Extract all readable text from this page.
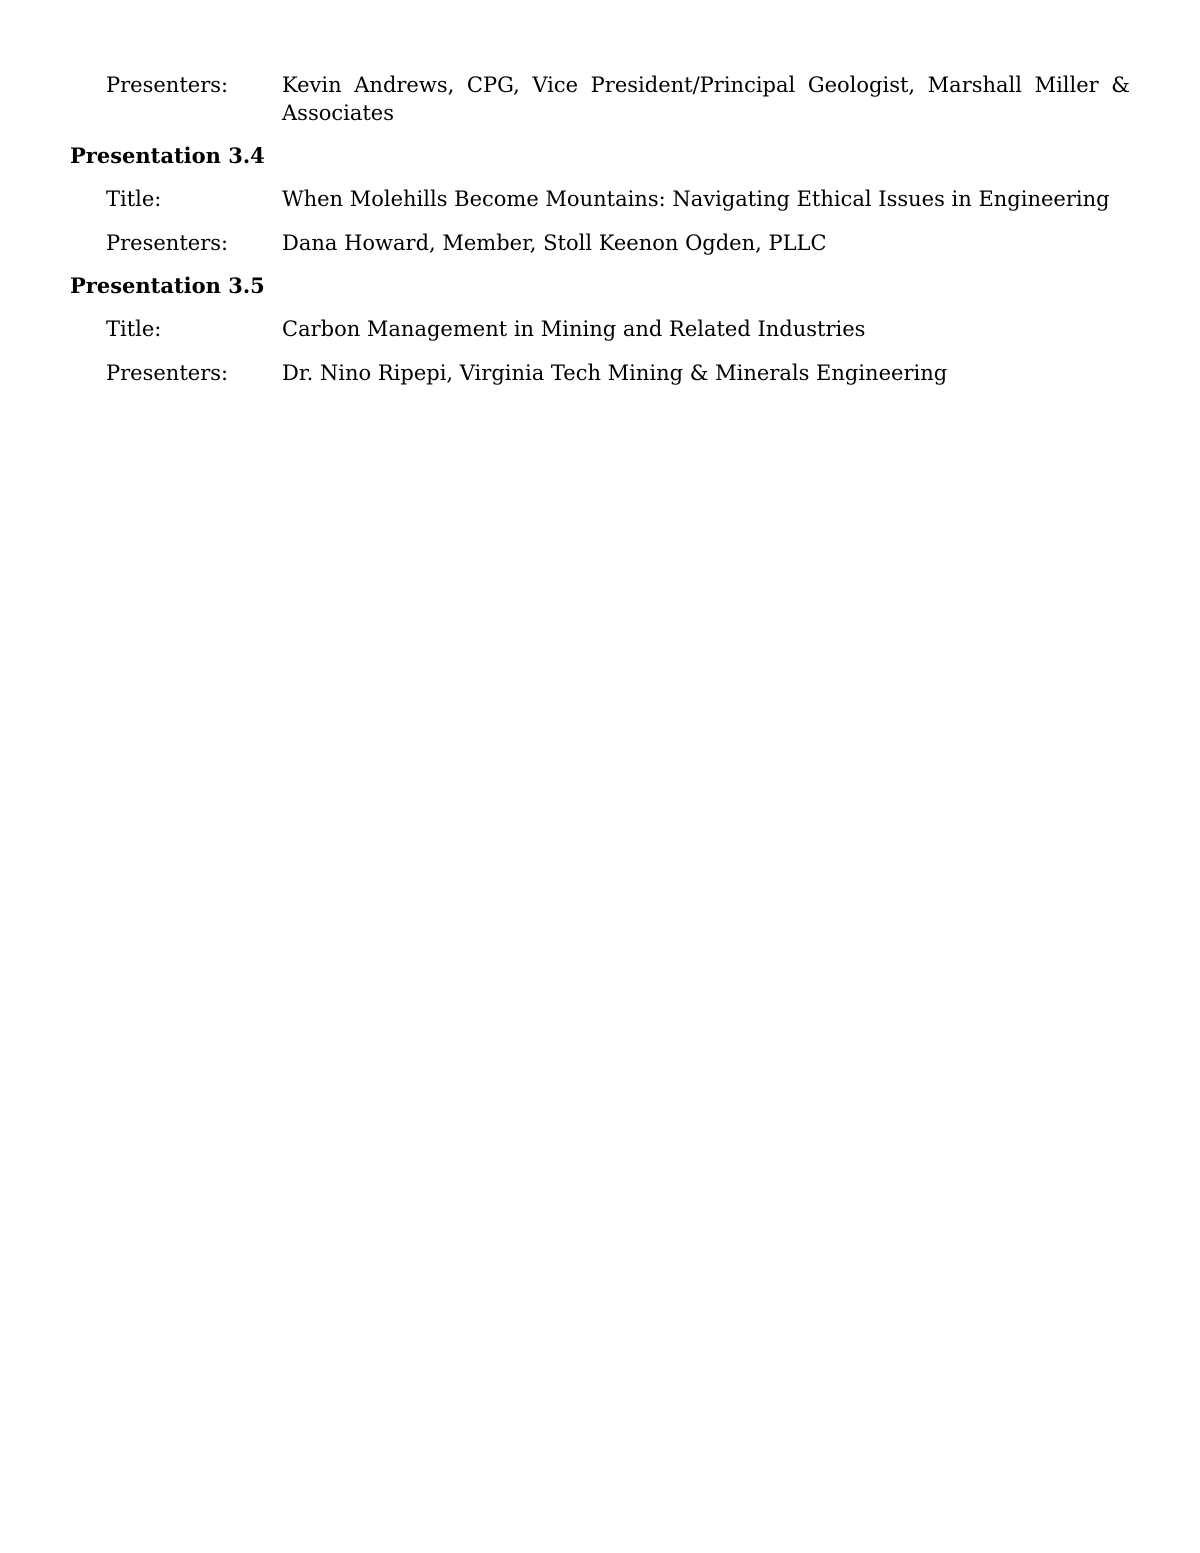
Presenters:	Kevin Andrews, CPG, Vice President/Principal Geologist, Marshall Miller & Associates
Presentation 3.4
Title:	When Molehills Become Mountains: Navigating Ethical Issues in Engineering
Presenters:	Dana Howard, Member, Stoll Keenon Ogden, PLLC
Presentation 3.5
Title:	Carbon Management in Mining and Related Industries
Presenters:	Dr. Nino Ripepi, Virginia Tech Mining & Minerals Engineering
